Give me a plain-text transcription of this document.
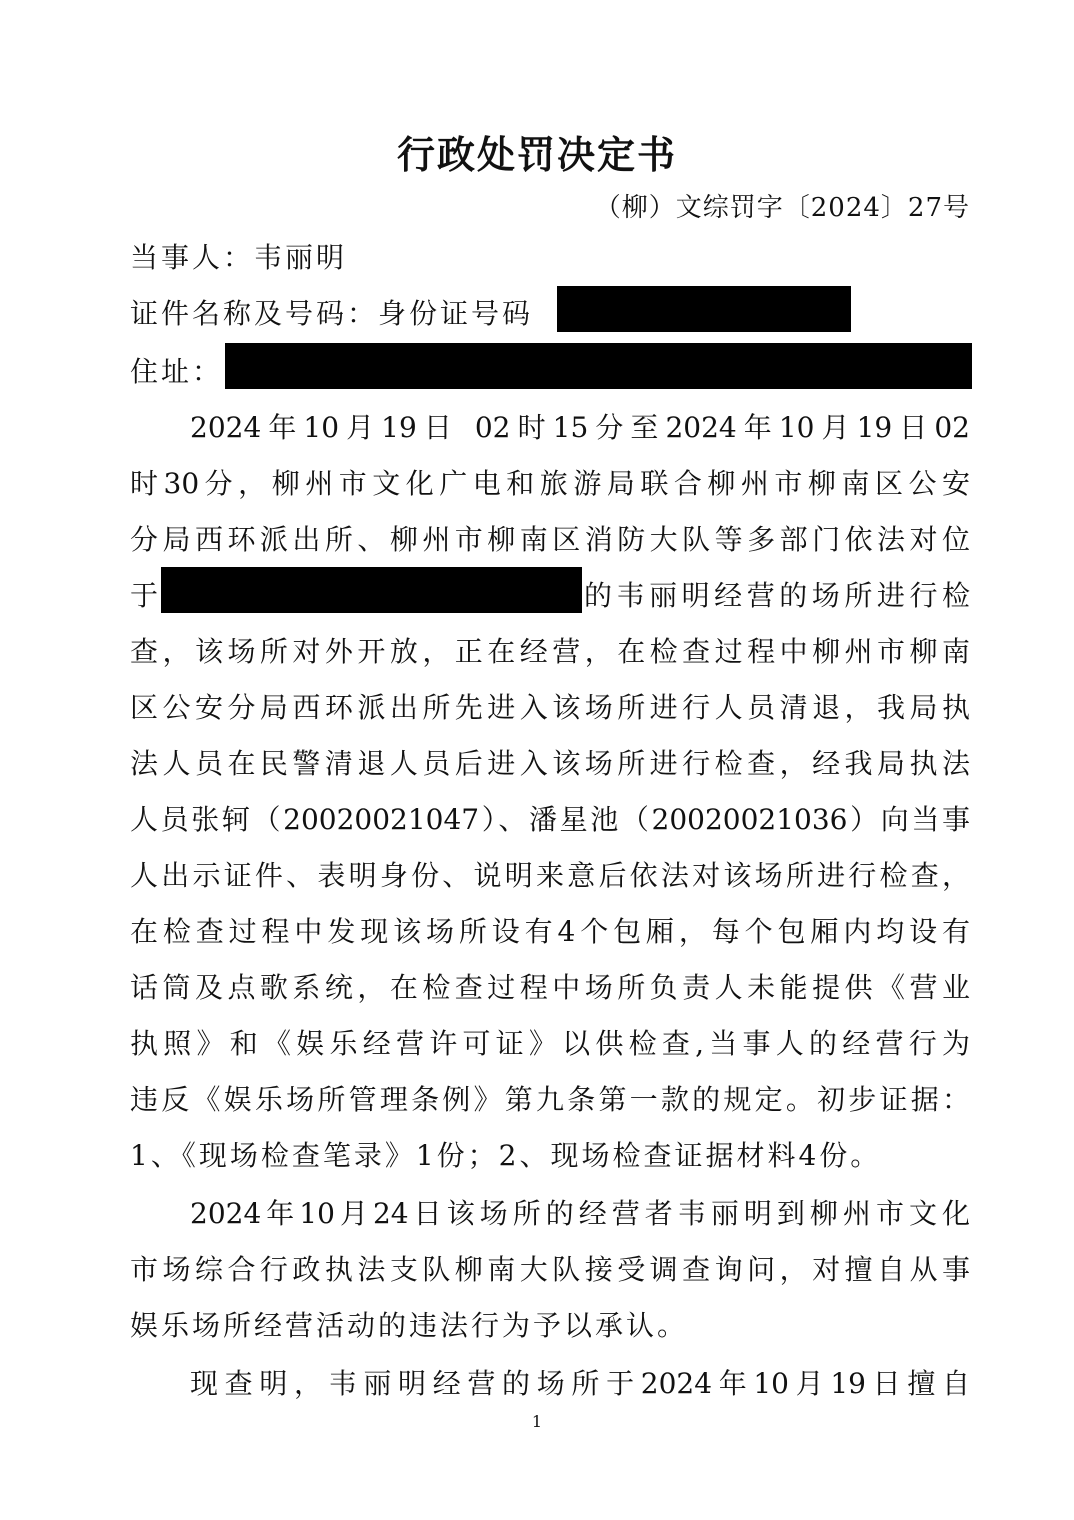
行政处罚决定书
（柳）文综罚字〔2024〕27号
当事人：韦丽明
证件名称及号码：身份证号码
住址：
2024年10月19日 02时15分至2024年10月19日02
时30分，柳州市文化广电和旅游局联合柳州市柳南区公安
分局西环派出所、柳州市柳南区消防大队等多部门依法对位
于	的韦丽明经营的场所进行检
查，该场所对外开放，正在经营，在检查过程中柳州市柳南
区公安分局西环派出所先进入该场所进行人员清退，我局执
法人员在民警清退人员后进入该场所进行检查，经我局执法
人员张轲（20020021047）、潘星池（20020021036）向当事
人出示证件、表明身份、说明来意后依法对该场所进行检查，
在检查过程中发现该场所设有4个包厢，每个包厢内均设有
话筒及点歌系统，在检查过程中场所负责人未能提供《营业
执照》和《娱乐经营许可证》以供检查,当事人的经营行为
违反《娱乐场所管理条例》第九条第一款的规定。初步证据：
1、《现场检查笔录》1份；2、现场检查证据材料4份。
2024年10月24日该场所的经营者韦丽明到柳州市文化
市场综合行政执法支队柳南大队接受调查询问，对擅自从事
娱乐场所经营活动的违法行为予以承认。
现查明，韦丽明经营的场所于2024年10月19日擅自
1
